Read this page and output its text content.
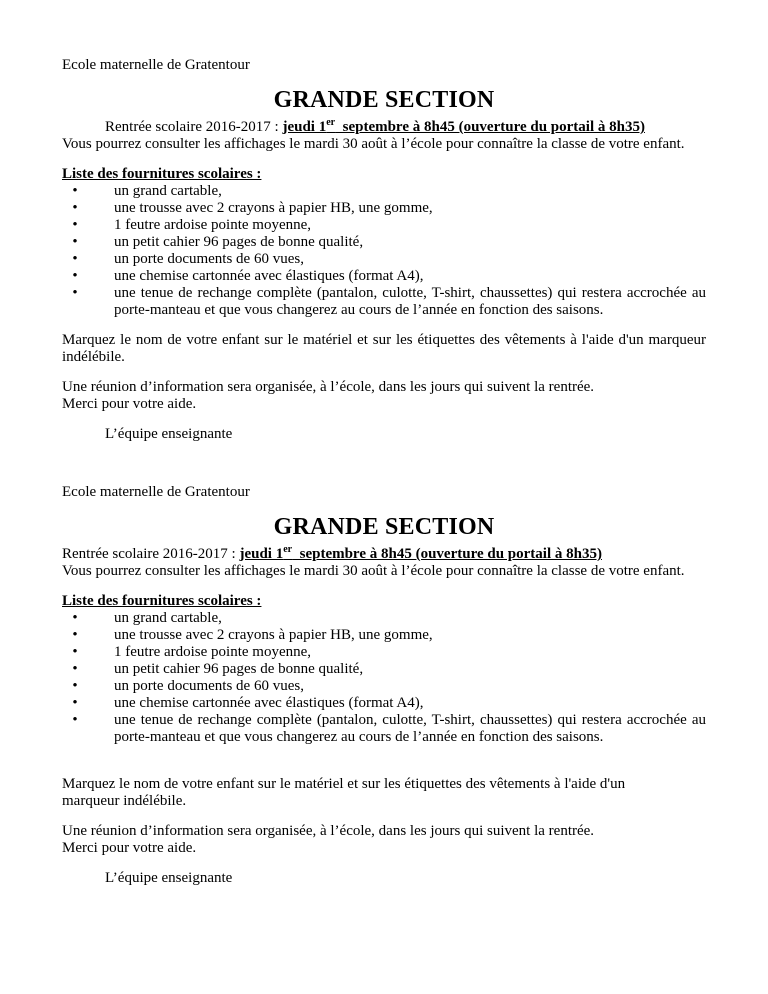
Ecole maternelle de Gratentour

GRANDE SECTION

Rentrée scolaire 2016-2017 : jeudi 1er  septembre à 8h45 (ouverture du portail à 8h35)

Vous pourrez consulter les affichages le mardi 30 août à l’école pour connaître la classe de votre enfant.

Liste des fournitures scolaires :

• un grand cartable,
• une trousse avec 2 crayons à papier HB, une gomme,
• 1 feutre ardoise pointe moyenne,
• un petit cahier 96 pages de bonne qualité,
• un porte documents de 60 vues,
• une chemise cartonnée avec élastiques (format A4),
• une tenue de rechange complète (pantalon, culotte, T-shirt, chaussettes) qui restera accrochée au porte-manteau et que vous changerez au cours de l’année en fonction des saisons.

Marquez le nom de votre enfant sur le matériel et sur les étiquettes des vêtements à l'aide d'un marqueur indélébile.

Une réunion d’information sera organisée, à l’école, dans les jours qui suivent la rentrée.

Merci pour votre aide.

L’équipe enseignante

Ecole maternelle de Gratentour

GRANDE SECTION

Rentrée scolaire 2016-2017 : jeudi 1er  septembre à 8h45 (ouverture du portail à 8h35)

Vous pourrez consulter les affichages le mardi 30 août à l’école pour connaître la classe de votre enfant.

Liste des fournitures scolaires :

• un grand cartable,
• une trousse avec 2 crayons à papier HB, une gomme,
• 1 feutre ardoise pointe moyenne,
• un petit cahier 96 pages de bonne qualité,
• un porte documents de 60 vues,
• une chemise cartonnée avec élastiques (format A4),
• une tenue de rechange complète (pantalon, culotte, T-shirt, chaussettes) qui restera accrochée au porte-manteau et que vous changerez au cours de l’année en fonction des saisons.

Marquez le nom de votre enfant sur le matériel et sur les étiquettes des vêtements à l'aide d'un marqueur indélébile.

Une réunion d’information sera organisée, à l’école, dans les jours qui suivent la rentrée.

Merci pour votre aide.

L’équipe enseignante
